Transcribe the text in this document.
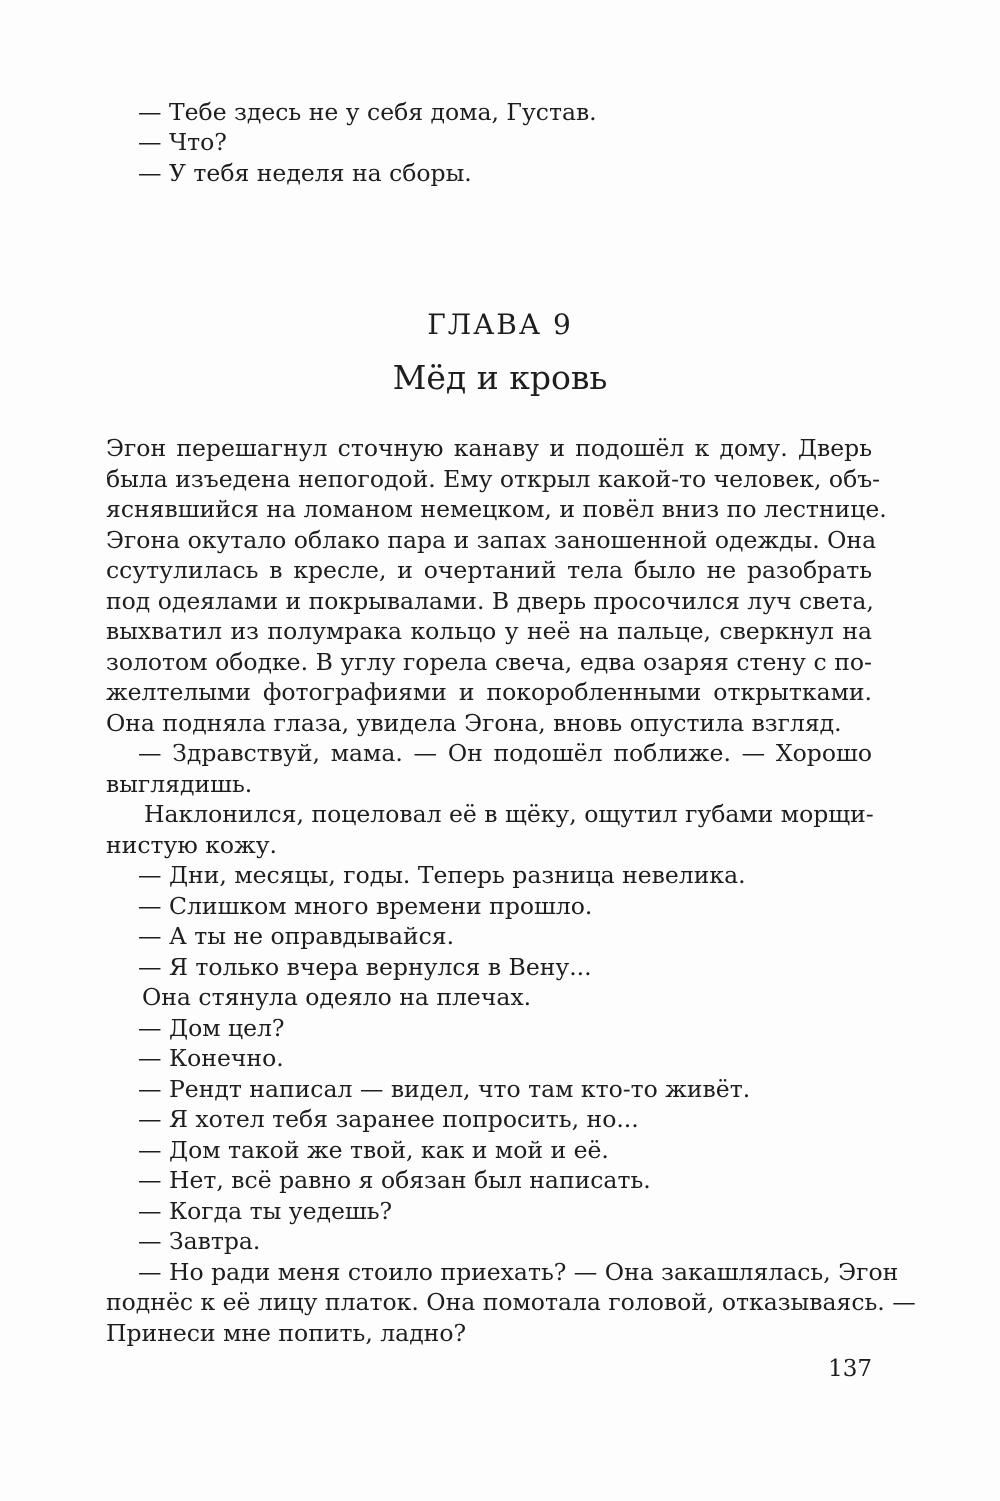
— Тебе здесь не у себя дома, Густав.
— Что?
— У тебя неделя на сборы.
ГЛАВА 9
Мёд и кровь
Эгон перешагнул сточную канаву и подошёл к дому. Дверь
была изъедена непогодой. Ему открыл какой-то человек, объ-
яснявшийся на ломаном немецком, и повёл вниз по лестнице.
Эгона окутало облако пара и запах заношенной одежды. Она
ссутулилась в кресле, и очертаний тела было не разобрать
под одеялами и покрывалами. В дверь просочился луч света,
выхватил из полумрака кольцо у неё на пальце, сверкнул на
золотом ободке. В углу горела свеча, едва озаряя стену с по-
желтелыми фотографиями и покоробленными открытками.
Она подняла глаза, увидела Эгона, вновь опустила взгляд.
— Здравствуй, мама. — Он подошёл поближе. — Хорошо
выглядишь.
Наклонился, поцеловал её в щёку, ощутил губами морщи-
нистую кожу.
— Дни, месяцы, годы. Теперь разница невелика.
— Слишком много времени прошло.
— А ты не оправдывайся.
— Я только вчера вернулся в Вену...
Она стянула одеяло на плечах.
— Дом цел?
— Конечно.
— Рендт написал — видел, что там кто-то живёт.
— Я хотел тебя заранее попросить, но...
— Дом такой же твой, как и мой и её.
— Нет, всё равно я обязан был написать.
— Когда ты уедешь?
— Завтра.
— Но ради меня стоило приехать? — Она закашлялась, Эгон
поднёс к её лицу платок. Она помотала головой, отказываясь. —
Принеси мне попить, ладно?
137
